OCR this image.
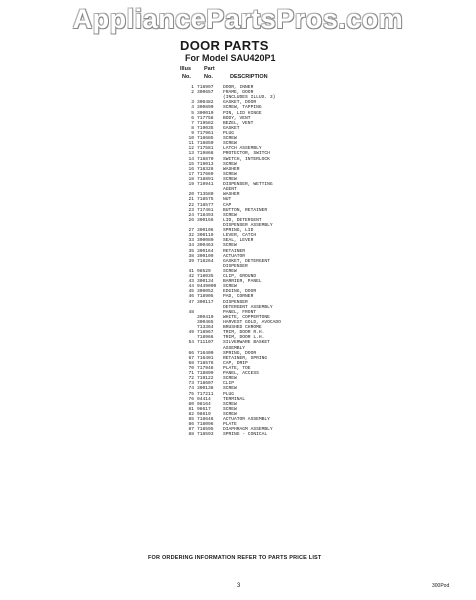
AppliancePartsPros.com
DOOR PARTS
For Model SAU420P1
Illus Part
No. No.	DESCRIPTION
1 718997	DOOR, INNER
2 300657	FRAME, DOOR
(INCLUDES ILLUS. 3)
3 300482	GASKET, DOOR
4 300890	SCREW, TAPPING
5 300010	PIN, LID HINGE
6 717758	BODY, VENT
7 719582	BEZEL, VENT
8 719035	GASKET
9 717961	PLUG
10 718685	SCREW
11 718850	SCREW
12 717581	LATCH ASSEMBLY
13 719868	PROTECTOR, SWITCH
14 718870	SWITCH, INTERLOCK
15 719013	SCREW
16 718328	WASHER
17 717669	SCREW
18 718891	SCREW
19 719941	DISPENSER, WETTING
AGENT
20 713580	WASHER
21 718575	NUT
22 718577	CAP
23 717461	BUTTON, RETAINER
24 718493	SCREW
26 300156	LID, DETERGENT
DISPENSER ASSEMBLY
27 300106	SPRING, LID
32 300119	LEVER, CATCH
33 300080	SEAL, LEVER
34 300463	SCREW
35 300164	RETAINER
38 300109	ACTUATOR
39 718264	GASKET, DETERGENT
DISPENSER
41 98529	SCREW
42 718035	CLIP, GROUND
43 300134	BARRIER, PANEL
44 9449000	SCREW
45 300052	EDGING, DOOR
46 718905	PAD, CORNER
47 300117	DISPENSER
DETERGENT ASSEMBLY
48	PANEL, FRONT
300410	WHITE, COPPERTONE
300465	HARVEST GOLD, AVOCADO
713364	BRUSHED CHROME
49 718967	TRIM, DOOR R.H.
718966	TRIM, DOOR L.H.
54 711107	SILVERWARE BASKET
ASSEMBLY
66 716400	SPRING, DOOR
67 716401	RETAINER, SPRING
68 718576	CAP, DRIP
70 717948	PLATE, TOE
71 718899	PANEL, ACCESS
72 719122	SCREW
73 718607	CLIP
74 300138	SCREW
75 717211	PLUG
76 94414	TERMINAL
80 98164	SCREW
81 98617	SCREW
82 98619	SCREW
85 718646	ACTUATOR ASSEMBLY
86 718096	PLATE
87 718595	DIAPHRAGM ASSEMBLY
88 718593	SPRING - CONICAL
FOR ORDERING INFORMATION REFER TO PARTS PRICE LIST
3	300Pod
